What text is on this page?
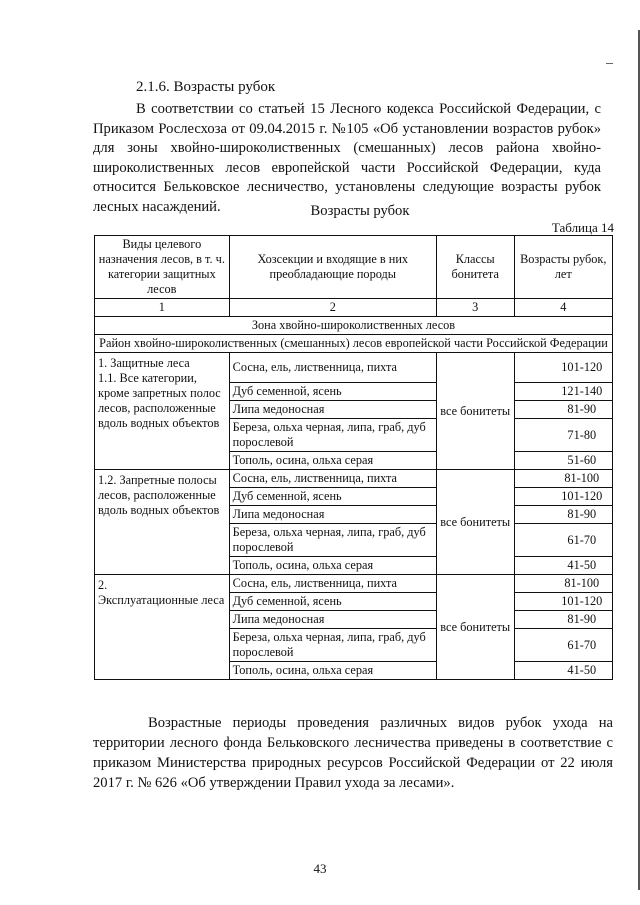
2.1.6. Возрасты рубок

В соответствии со статьей 15 Лесного кодекса Российской Федерации, с Приказом Рослесхоза от 09.04.2015 г. №105 «Об установлении возрастов рубок» для зоны хвойно-широколиственных (смешанных) лесов района хвойно-широколиственных лесов европейской части Российской Федерации, куда относится Бельковское лесничество, установлены следующие возрасты рубок лесных насаждений.	Возрасты рубок
Таблица 14
Виды целевого назначения лесов, в т. ч. категории защитных лесов	Хозсекции и входящие в них преобладающие породы	Классы бонитета	Возрасты рубок, лет
1	2	3	4
Зона хвойно-широколиственных лесов			
Район хвойно-широколиственных (смешанных) лесов европейской части Российской Федерации			
1. Защитные леса
1.1. Все категории, кроме запретных полос лесов, расположенные вдоль водных объектов	Сосна, ель, лиственница, пихта	все бонитеты	101-120
	Дуб семенной, ясень		121-140
	Липа медоносная		81-90
	Береза, ольха черная, липа, граб, дуб порослевой		71-80
	Тополь, осина, ольха серая		51-60
1.2. Запретные полосы лесов, расположенные вдоль водных объектов	Сосна, ель, лиственница, пихта	все бонитеты	81-100
	Дуб семенной, ясень		101-120
	Липа медоносная		81-90
	Береза, ольха черная, липа, граб, дуб порослевой		61-70
	Тополь, осина, ольха серая		41-50
2.
Эксплуатационные леса	Сосна, ель, лиственница, пихта	все бонитеты	81-100
	Дуб семенной, ясень		101-120
	Липа медоносная		81-90
	Береза, ольха черная, липа, граб, дуб порослевой		61-70
	Тополь, осина, ольха серая		41-50

Возрастные периоды проведения различных видов рубок ухода на территории лесного фонда Бельковского лесничества приведены в соответствие с приказом Министерства природных ресурсов Российской Федерации от 22 июля 2017 г. № 626 «Об утверждении Правил ухода за лесами».

43
